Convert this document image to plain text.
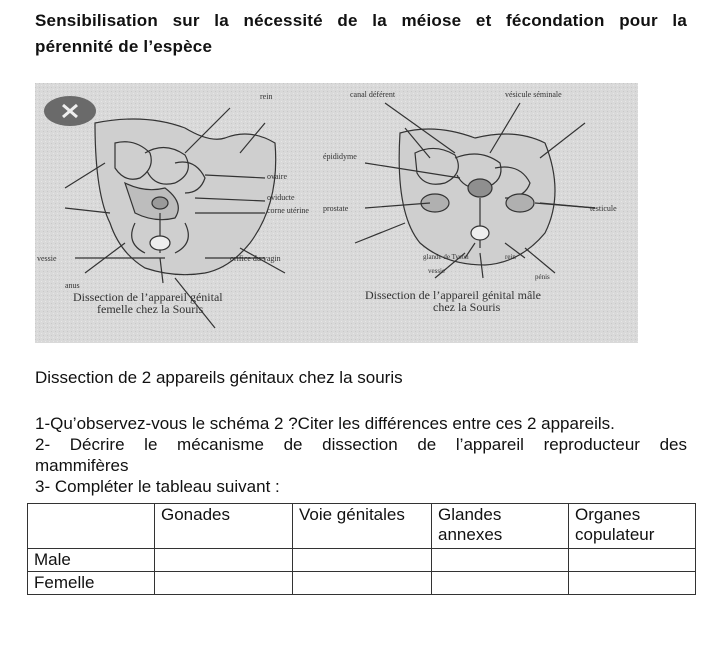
Sensibilisation sur la nécessité de la méiose et fécondation pour la
pérennité de l’espèce
rein
ovaire
oviducte
corne utérine
vessie	orifice du vagin
anus
Dissection de l’appareil génital
femelle chez la Souris
canal déférent	vésicule séminale
épididyme
prostate	testicule
glande de Tyson	rein
vessie
pénis
Dissection de l’appareil génital mâle
chez la Souris
Dissection de 2 appareils génitaux chez la souris

1-Qu’observez-vous le schéma 2 ?Citer les différences entre ces 2 appareils.

2- Décrire le mécanisme de dissection de l’appareil reproducteur des

mammifères

3- Compléter le tableau suivant :

	Gonades	Voie génitales	Glandes annexes	Organes copulateur
Male				
Femelle				
